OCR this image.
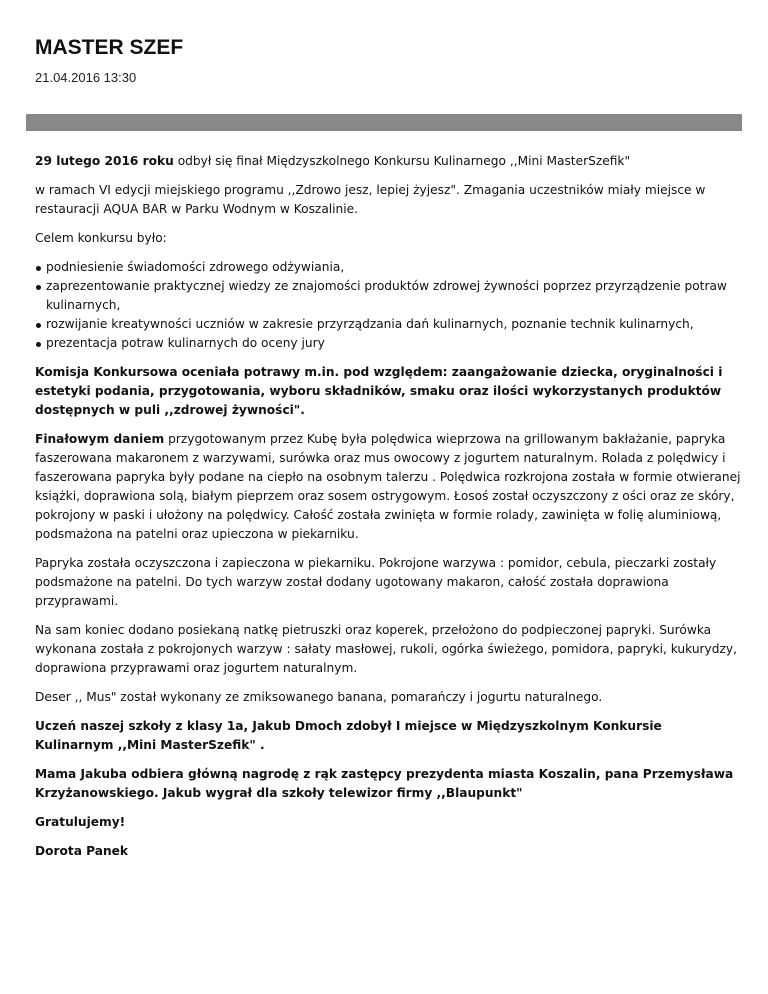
MASTER SZEF
21.04.2016 13:30

29 lutego 2016 roku odbył się finał Międzyszkolnego Konkursu Kulinarnego ,,Mini MasterSzefik"

w ramach VI edycji miejskiego programu ,,Zdrowo jesz, lepiej żyjesz". Zmagania uczestników miały miejsce w restauracji AQUA BAR w Parku Wodnym w Koszalinie.

Celem konkursu było:

podniesienie świadomości zdrowego odżywiania,
zaprezentowanie praktycznej wiedzy ze znajomości produktów zdrowej żywności poprzez przyrządzenie potraw kulinarnych,
rozwijanie kreatywności uczniów w zakresie przyrządzania dań kulinarnych, poznanie technik kulinarnych,
prezentacja potraw kulinarnych do oceny jury

Komisja Konkursowa oceniała potrawy m.in. pod względem: zaangażowanie dziecka, oryginalności i estetyki podania, przygotowania, wyboru składników, smaku oraz ilości wykorzystanych produktów dostępnych w puli ,,zdrowej żywności".

Finałowym daniem przygotowanym przez Kubę była polędwica wieprzowa na grillowanym bakłażanie, papryka faszerowana makaronem z warzywami, surówka oraz mus owocowy z jogurtem naturalnym. Rolada z polędwicy i faszerowana papryka były podane na ciepło na osobnym talerzu . Polędwica rozkrojona została w formie otwieranej książki, doprawiona solą, białym pieprzem oraz sosem ostrygowym. Łosoś został oczyszczony z ości oraz ze skóry, pokrojony w paski i ułożony na polędwicy. Całość została zwinięta w formie rolady, zawinięta w folię aluminiową, podsmażona na patelni oraz upieczona w piekarniku.

Papryka została oczyszczona i zapieczona w piekarniku. Pokrojone warzywa : pomidor, cebula, pieczarki zostały podsmażone na patelni. Do tych warzyw został dodany ugotowany makaron, całość została doprawiona przyprawami.

Na sam koniec dodano posiekaną natkę pietruszki oraz koperek, przełożono do podpieczonej papryki. Surówka wykonana została z pokrojonych warzyw : sałaty masłowej, rukoli, ogórka świeżego, pomidora, papryki, kukurydzy, doprawiona przyprawami oraz jogurtem naturalnym.

Deser ,, Mus" został wykonany ze zmiksowanego banana, pomarańczy i jogurtu naturalnego.

Uczeń naszej szkoły z klasy 1a, Jakub Dmoch zdobył I miejsce w Międzyszkolnym Konkursie Kulinarnym ,,Mini MasterSzefik" .

Mama Jakuba odbiera główną nagrodę z rąk zastępcy prezydenta miasta Koszalin, pana Przemysława Krzyżanowskiego. Jakub wygrał dla szkoły telewizor firmy ,,Blaupunkt"

Gratulujemy!

Dorota Panek
